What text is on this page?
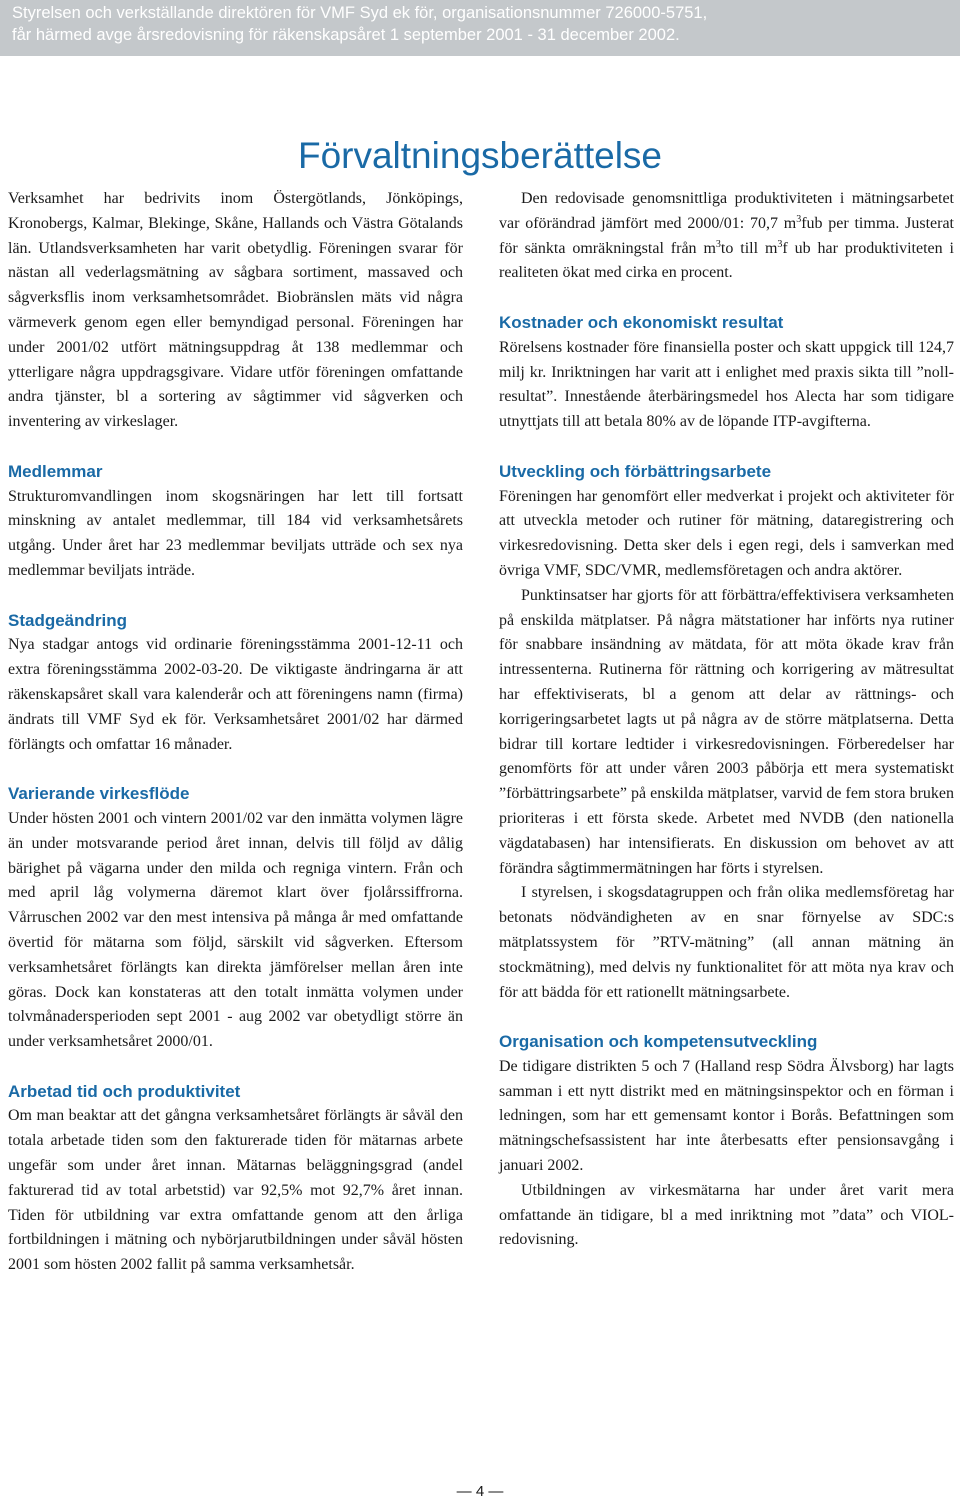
Styrelsen och verkställande direktören för VMF Syd ek för, organisationsnummer 726000-5751,
får härmed avge årsredovisning för räkenskapsåret 1 september 2001 - 31 december 2002.
Förvaltningsberättelse

Verksamhet har bedrivits inom Östergötlands, Jönköpings, Kronobergs, Kalmar, Blekinge, Skåne, Hallands och Västra Götalands län. Utlandsverksamheten har varit obetydlig. Föreningen svarar för nästan all vederlagsmätning av sågbara sortiment, massaved och sågverksflis inom verksamhetsområdet. Biobränslen mäts vid några värmeverk genom egen eller bemyndigad personal. Föreningen har under 2001/02 utfört mätningsuppdrag åt 138 medlemmar och ytterligare några uppdragsgivare. Vidare utför föreningen omfattande andra tjänster, bl a sortering av sågtimmer vid sågverken och inventering av virkeslager.

Medlemmar

Strukturomvandlingen inom skogsnäringen har lett till fortsatt minskning av antalet medlemmar, till 184 vid verksamhetsårets utgång. Under året har 23 medlemmar beviljats utträde och sex nya medlemmar beviljats inträde.

Stadgeändring

Nya stadgar antogs vid ordinarie föreningsstämma 2001-12-11 och extra föreningsstämma 2002-03-20. De viktigaste ändringarna är att räkenskapsåret skall vara kalenderår och att föreningens namn (firma) ändrats till VMF Syd ek för. Verksamhetsåret 2001/02 har därmed förlängts och omfattar 16 månader.

Varierande virkesflöde

Under hösten 2001 och vintern 2001/02 var den inmätta volymen lägre än under motsvarande period året innan, delvis till följd av dålig bärighet på vägarna under den milda och regniga vintern. Från och med april låg volymerna däremot klart över fjolårssiffrorna. Vårruschen 2002 var den mest intensiva på många år med omfattande övertid för mätarna som följd, särskilt vid sågverken. Eftersom verksamhetsåret förlängts kan direkta jämförelser mellan åren inte göras. Dock kan konstateras att den totalt inmätta volymen under tolvmånadersperioden sept 2001 - aug 2002 var obetydligt större än under verksamhetsåret 2000/01.

Arbetad tid och produktivitet

Om man beaktar att det gångna verksamhetsåret förlängts är såväl den totala arbetade tiden som den fakturerade tiden för mätarnas arbete ungefär som under året innan. Mätarnas beläggningsgrad (andel fakturerad tid av total arbetstid) var 92,5% mot 92,7% året innan. Tiden för utbildning var extra omfattande genom att den årliga fortbildningen i mätning och nybörjarutbildningen under såväl hösten 2001 som hösten 2002 fallit på samma verksamhetsår.

Den redovisade genomsnittliga produktiviteten i mätningsarbetet var oförändrad jämfört med 2000/01: 70,7 $m^3fub$ per timma. Justerat för sänkta omräkningstal från $m^3to$ till $m^3f$ ub har produktiviteten i realiteten ökat med cirka en procent.

Kostnader och ekonomiskt resultat

Rörelsens kostnader före finansiella poster och skatt uppgick till 124,7 milj kr. Inriktningen har varit att i enlighet med praxis sikta till ”noll-resultat”. Innestående återbäringsmedel hos Alecta har som tidigare utnyttjats till att betala 80% av de löpande ITP-avgifterna.

Utveckling och förbättringsarbete

Föreningen har genomfört eller medverkat i projekt och aktiviteter för att utveckla metoder och rutiner för mätning, dataregistrering och virkesredovisning. Detta sker dels i egen regi, dels i samverkan med övriga VMF, SDC/VMR, medlemsföretagen och andra aktörer.

Punktinsatser har gjorts för att förbättra/effektivisera verksamheten på enskilda mätplatser. På några mätstationer har införts nya rutiner för snabbare insändning av mätdata, för att möta ökade krav från intressenterna. Rutinerna för rättning och korrigering av mätresultat har effektiviserats, bl a genom att delar av rättnings- och korrigeringsarbetet lagts ut på några av de större mätplatserna. Detta bidrar till kortare ledtider i virkesredovisningen. Förberedelser har genomförts för att under våren 2003 påbörja ett mera systematiskt ”förbättringsarbete” på enskilda mätplatser, varvid de fem stora bruken prioriteras i ett första skede. Arbetet med NVDB (den nationella vägdatabasen) har intensifierats. En diskussion om behovet av att förändra sågtimmermätningen har förts i styrelsen.

I styrelsen, i skogsdatagruppen och från olika medlemsföretag har betonats nödvändigheten av en snar förnyelse av SDC:s mätplatssystem för ”RTV-mätning” (all annan mätning än stockmätning), med delvis ny funktionalitet för att möta nya krav och för att bädda för ett rationellt mätningsarbete.

Organisation och kompetensutveckling

De tidigare distrikten 5 och 7 (Halland resp Södra Älvsborg) har lagts samman i ett nytt distrikt med en mätningsinspektor och en förman i ledningen, som har ett gemensamt kontor i Borås. Befattningen som mätningschefsassistent har inte återbesatts efter pensionsavgång i januari 2002.

Utbildningen av virkesmätarna har under året varit mera omfattande än tidigare, bl a med inriktning mot ”data” och VIOL-redovisning.

— 4 —
